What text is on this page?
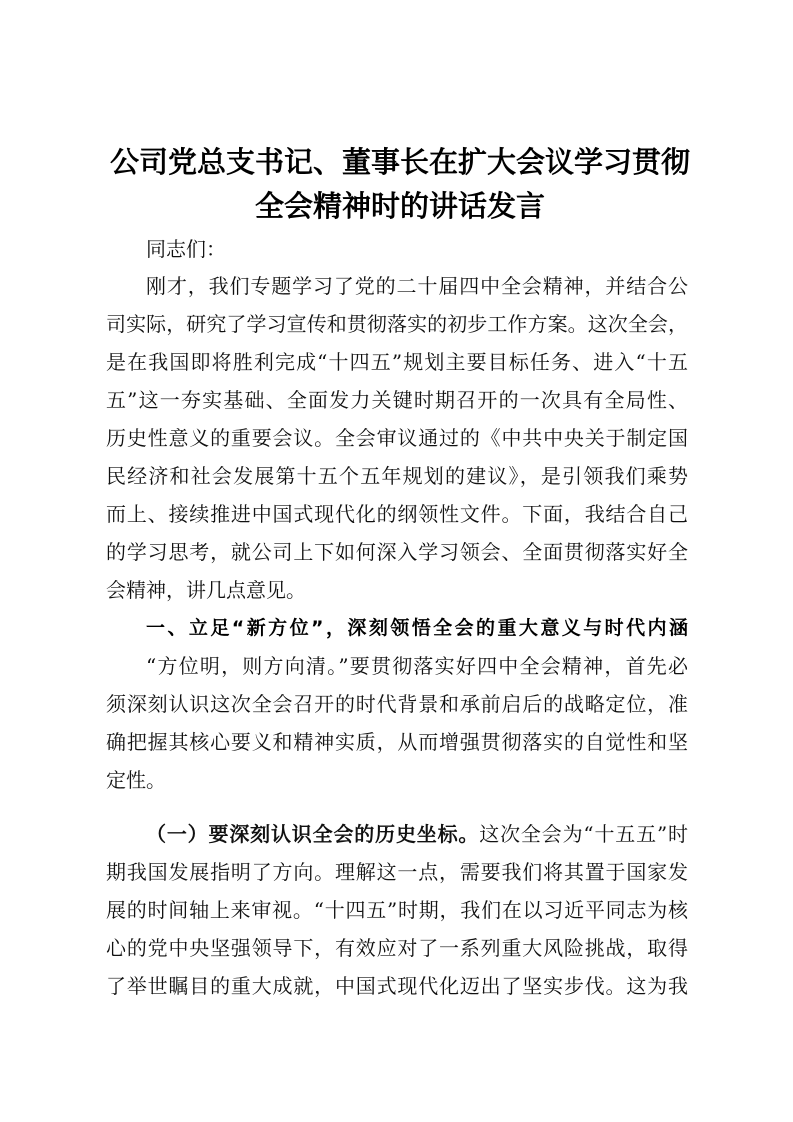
公司党总支书记、董事长在扩大会议学习贯彻
全会精神时的讲话发言
同志们：
刚才，我们专题学习了党的二十届四中全会精神，并结合公
司实际，研究了学习宣传和贯彻落实的初步工作方案。这次全会，
是在我国即将胜利完成“十四五”规划主要目标任务、进入“十五
五”这一夯实基础、全面发力关键时期召开的一次具有全局性、
历史性意义的重要会议。全会审议通过的《中共中央关于制定国
民经济和社会发展第十五个五年规划的建议》，是引领我们乘势
而上、接续推进中国式现代化的纲领性文件。下面，我结合自己
的学习思考，就公司上下如何深入学习领会、全面贯彻落实好全
会精神，讲几点意见。
一、立足“新方位”，深刻领悟全会的重大意义与时代内涵
“方位明，则方向清。”要贯彻落实好四中全会精神，首先必
须深刻认识这次全会召开的时代背景和承前启后的战略定位，准
确把握其核心要义和精神实质，从而增强贯彻落实的自觉性和坚
定性。
（一）要深刻认识全会的历史坐标。这次全会为“十五五”时
期我国发展指明了方向。理解这一点，需要我们将其置于国家发
展的时间轴上来审视。“十四五”时期，我们在以习近平同志为核
心的党中央坚强领导下，有效应对了一系列重大风险挑战，取得
了举世瞩目的重大成就，中国式现代化迈出了坚实步伐。这为我
